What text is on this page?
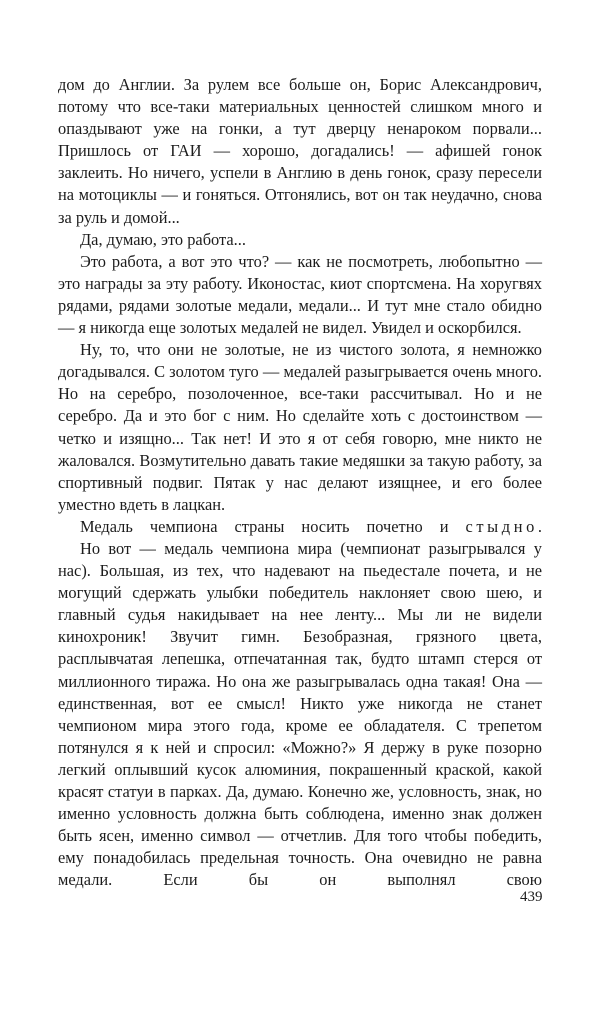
дом до Англии. За рулем все больше он, Борис Александрович, потому что все-таки материальных ценностей слишком много и опаздывают уже на гонки, а тут дверцу ненароком порвали... Пришлось от ГАИ — хорошо, догадались! — афишей гонок заклеить. Но ничего, успели в Англию в день гонок, сразу пересели на мотоциклы — и гоняться. Отгонялись, вот он так неудачно, снова за руль и домой...

Да, думаю, это работа...

Это работа, а вот это что? — как не посмотреть, любопытно — это награды за эту работу. Иконостас, киот спортсмена. На хоругвях рядами, рядами золотые медали, медали... И тут мне стало обидно — я никогда еще золотых медалей не видел. Увидел и оскорбился.

Ну, то, что они не золотые, не из чистого золота, я немножко догадывался. С золотом туго — медалей разыгрывается очень много. Но на серебро, позолоченное, все-таки рассчитывал. Но и не серебро. Да и это бог с ним. Но сделайте хоть с достоинством — четко и изящно... Так нет! И это я от себя говорю, мне никто не жаловался. Возмутительно давать такие медяшки за такую работу, за спортивный подвиг. Пятак у нас делают изящнее, и его более уместно вдеть в лацкан.

Медаль чемпиона страны носить почетно и стыдно.

Но вот — медаль чемпиона мира (чемпионат разыгрывался у нас). Большая, из тех, что надевают на пьедестале почета, и не могущий сдержать улыбки победитель наклоняет свою шею, и главный судья накидывает на нее ленту... Мы ли не видели кинохроник! Звучит гимн. Безобразная, грязного цвета, расплывчатая лепешка, отпечатанная так, будто штамп стерся от миллионного тиража. Но она же разыгрывалась одна такая! Она — единственная, вот ее смысл! Никто уже никогда не станет чемпионом мира этого года, кроме ее обладателя. С трепетом потянулся я к ней и спросил: «Можно?» Я держу в руке позорно легкий оплывший кусок алюминия, покрашенный краской, какой красят статуи в парках. Да, думаю. Конечно же, условность, знак, но именно условность должна быть соблюдена, именно знак должен быть ясен, именно символ — отчетлив. Для того чтобы победить, ему понадобилась предельная точность. Она очевидно не равна медали. Если бы он выполнял свою

439
